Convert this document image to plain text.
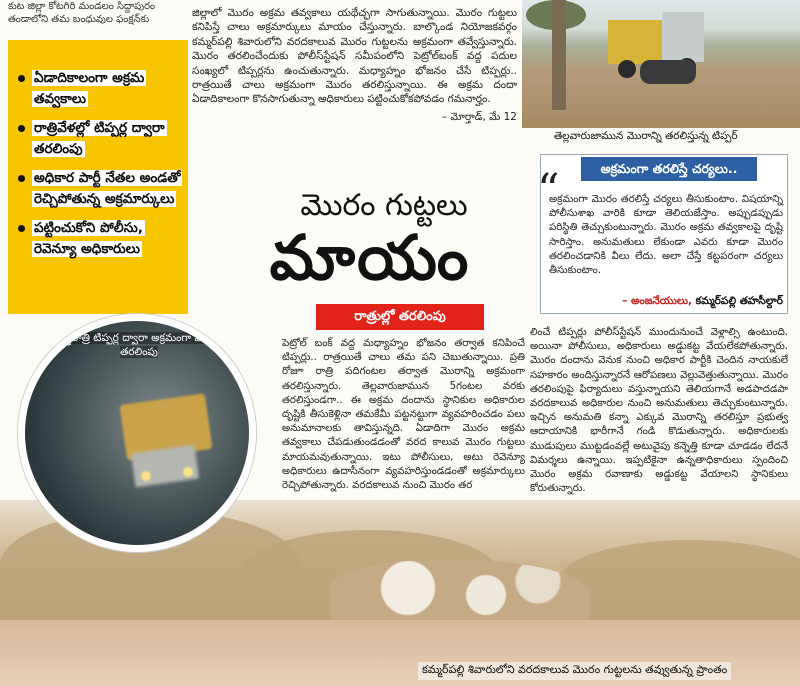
కమ్మర్‌పల్లి శివారులోని వరదకాలువ మొరం గుట్టలను తవ్వుతున్న ప్రాంతం
కుట జిల్లా కోటగిరి మండలం సిద్దాపురం
తండాలోని తమ బంధువుల ఫంక్షన్‌కు
ఏడాదికాలంగా అక్రమ తవ్వకాలు
రాత్రివేళల్లో టిప్పర్ల ద్వారా తరలింపు
అధికార పార్టీ నేతల అండతో రెచ్చిపోతున్న అక్రమార్కులు
పట్టించుకోని పోలీసు, రెవెన్యూ అధికారులు
అర్ధరాత్రి టిప్పర్ల ద్వారా అక్రమంగా మొరం తరలింపు
జిల్లాలో మొరం అక్రమ తవ్వకాలు యథేచ్ఛగా సాగుతున్నాయి. మొరం గుట్టలు కనిపిస్తే చాలు అక్రమార్కులు మాయం చేస్తున్నారు. బాల్కొండ నియోజకవర్గం కమ్మర్‌పల్లి శివారులోని వరదకాలువ మొరం గుట్టలను అక్రమంగా తవ్వేస్తున్నారు. మొరం తరలించేందుకు పోలీస్‌స్టేషన్ సమీపంలోని పెట్రోల్‌బంక్ వద్ద పదుల సంఖ్యలో టిప్పర్లను ఉంచుతున్నారు. మధ్యాహ్నం భోజనం చేసే టిప్పర్లు.. రాత్రయితే చాలు అక్రమంగా మొరం తరలిస్తున్నాయి. ఈ అక్రమ దందా ఏడాదికాలంగా కొనసాగుతున్నా అధికారులు పట్టించుకోకపోవడం గమనార్హం.
– మోర్తాడ్, మే 12
మొరం గుట్టలు
మాయం
రాత్రుల్లో తరలింపు
పెట్రోల్ బంక్ వద్ద మధ్యాహ్నం భోజనం తర్వాత కనిపించే టిప్పర్లు.. రాత్రయితే చాలు తమ పని చెబుతున్నాయి. ప్రతి రోజూ రాత్రి పదిగంటల తర్వాత మొరాన్ని అక్రమంగా తరలిస్తున్నారు. తెల్లవారుజామున 5గంటల వరకు తరలిస్తుండగా.. ఈ అక్రమ దందాను స్థానికుల అధికారుల దృష్టికి తీసుకెళ్లినా తమకేమీ పట్టనట్టుగా వ్యవహరించడం పలు అనుమానాలకు తావిస్తున్నది. ఏడాదిగా మొరం అక్రమ తవ్వకాలు చేపడుతుండడంతో వరద కాలువ మొరం గుట్టలు మాయమవుతున్నాయి. ఇటు పోలీసులు, అటు రెవెన్యూ అధికారులు ఉదాసీనంగా వ్యవహరిస్తుండడంతో అక్రమార్కులు రెచ్చిపోతున్నారు. వరదకాలువ నుంచి మొరం తర
తెల్లవారుజామున మొరాన్ని తరలిస్తున్న టిప్పర్
“	అక్రమంగా తరలిస్తే చర్యలు..
అక్రమంగా మొరం తరలిస్తే చర్యలు తీసుకుంటాం. విషయాన్ని పోలీసుశాఖ వారికి కూడా తెలియజేస్తాం. అప్పుడప్పుడు పరిస్థితి తెచ్చుకుంటున్నారు. మొరం అక్రమ తవ్వకాలపై దృష్టి సారిస్తాం. అనుమతులు లేకుండా ఎవరు కూడా మొరం తరలించడానికి వీలు లేదు. అలా చేస్తే కట్టపరంగా చర్యలు తీసుకుంటాం.
– అంజనేయులు, కమ్మర్‌పల్లి తహసీల్దార్
లించే టిప్పర్లు పోలీస్‌స్టేషన్ ముందునుంచే వెళ్లాల్సి ఉంటుంది. అయినా పోలీసులు, అధికారులు అడ్డుకట్ట వేయలేకపోతున్నారు. మొరం దందాను వెనుక నుంచి అధికార పార్టీకి చెందిన నాయకులే సహకారం అందిస్తున్నారనే ఆరోపణలు వెల్లువెత్తుతున్నాయి. మొరం తరలింపుపై ఫిర్యాదులు వస్తున్నాయని తెలియగానే అడపాదడపా వరదకాలువ అధికారుల నుంచి అనుమతులు తెచ్చుకుంటున్నారు. ఇచ్చిన అనుమతి కన్నా ఎక్కువ మొరాన్ని తరలిస్తూ ప్రభుత్వ ఆదాయానికి భారీగానే గండి కొడుతున్నారు. అధికారులకు ముడుపులు ముట్టడంవల్లే అటువైపు కన్నెత్తి కూడా చూడడం లేదనే విమర్శలు ఉన్నాయి. ఇప్పటికైనా ఉన్నతాధికారులు స్పందించి మొరం అక్రమ రవాణాకు అడ్డుకట్ట వేయాలని స్థానికులు కోరుతున్నారు.
